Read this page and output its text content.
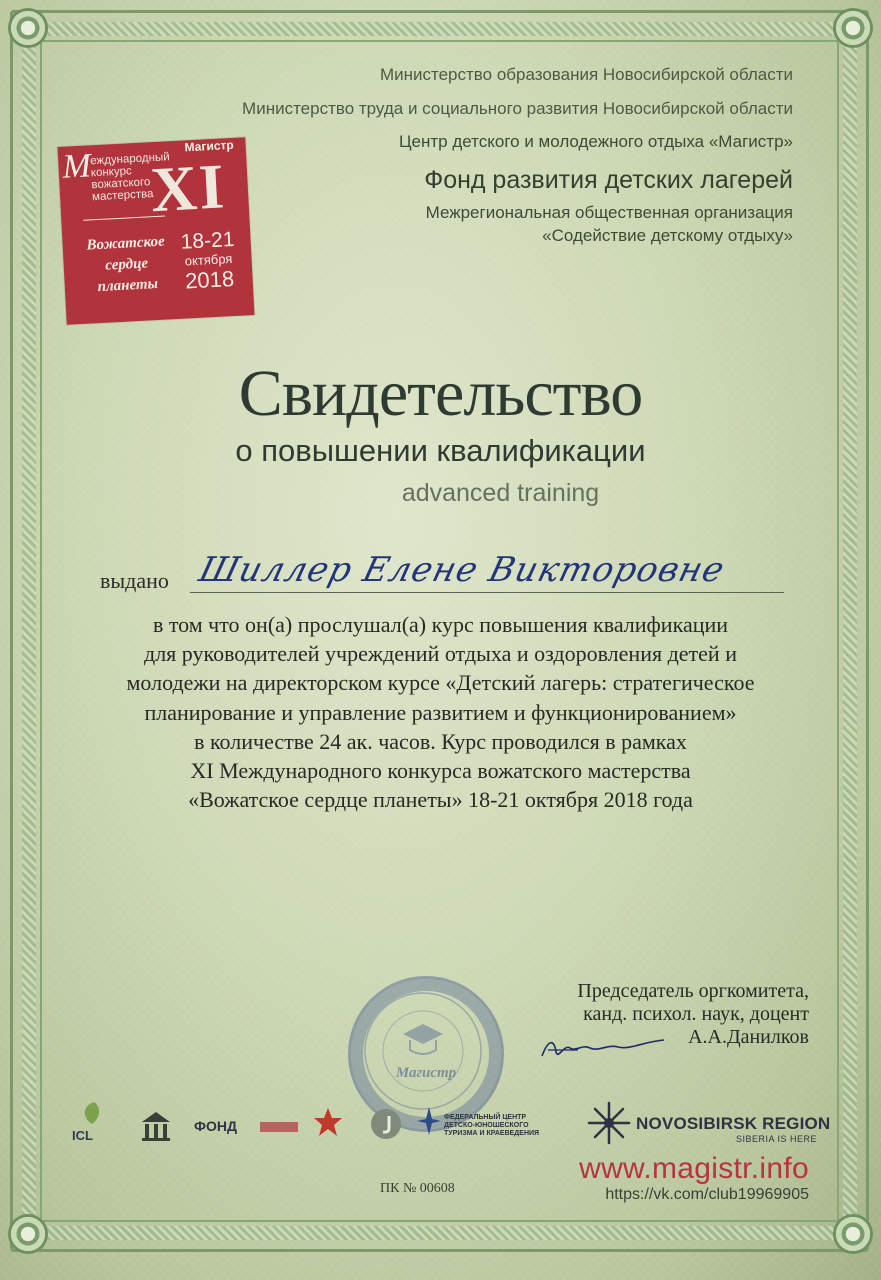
Министерство образования Новосибирской области
Министерство труда и социального развития Новосибирской области
Центр детского и молодежного отдыха «Магистр»
Фонд развития детских лагерей
Межрегиональная общественная организация
«Содействие детскому отдыху»
М
Магистр
еждународный
конкурс
вожатского
мастерства
XI
Вожатское
сердце
планеты
18-21
октября
2018
Свидетельство
о повышении квалификации
advanced training
выдано Шиллер Елене Викторовне
в том что он(а) прослушал(а) курс повышения квалификации
для руководителей учреждений отдыха и оздоровления детей и
молодежи на директорском курсе «Детский лагерь: стратегическое
планирование и управление развитием и функционированием»
в количестве 24 ак. часов. Курс проводился в рамках
XI Международного конкурса вожатского мастерства
«Вожатское сердце планеты» 18-21 октября 2018 года
Магистр
Председатель оргкомитета,
канд. психол. наук, доцент
А.А.Данилков
ICL
ФОНД
ФЕДЕРАЛЬНЫЙ ЦЕНТР
ДЕТСКО-ЮНОШЕСКОГО
ТУРИЗМА И КРАЕВЕДЕНИЯ
NOVOSIBIRSK REGION
SIBERIA IS HERE
ПК № 00608
www.magistr.info
https://vk.com/club19969905
